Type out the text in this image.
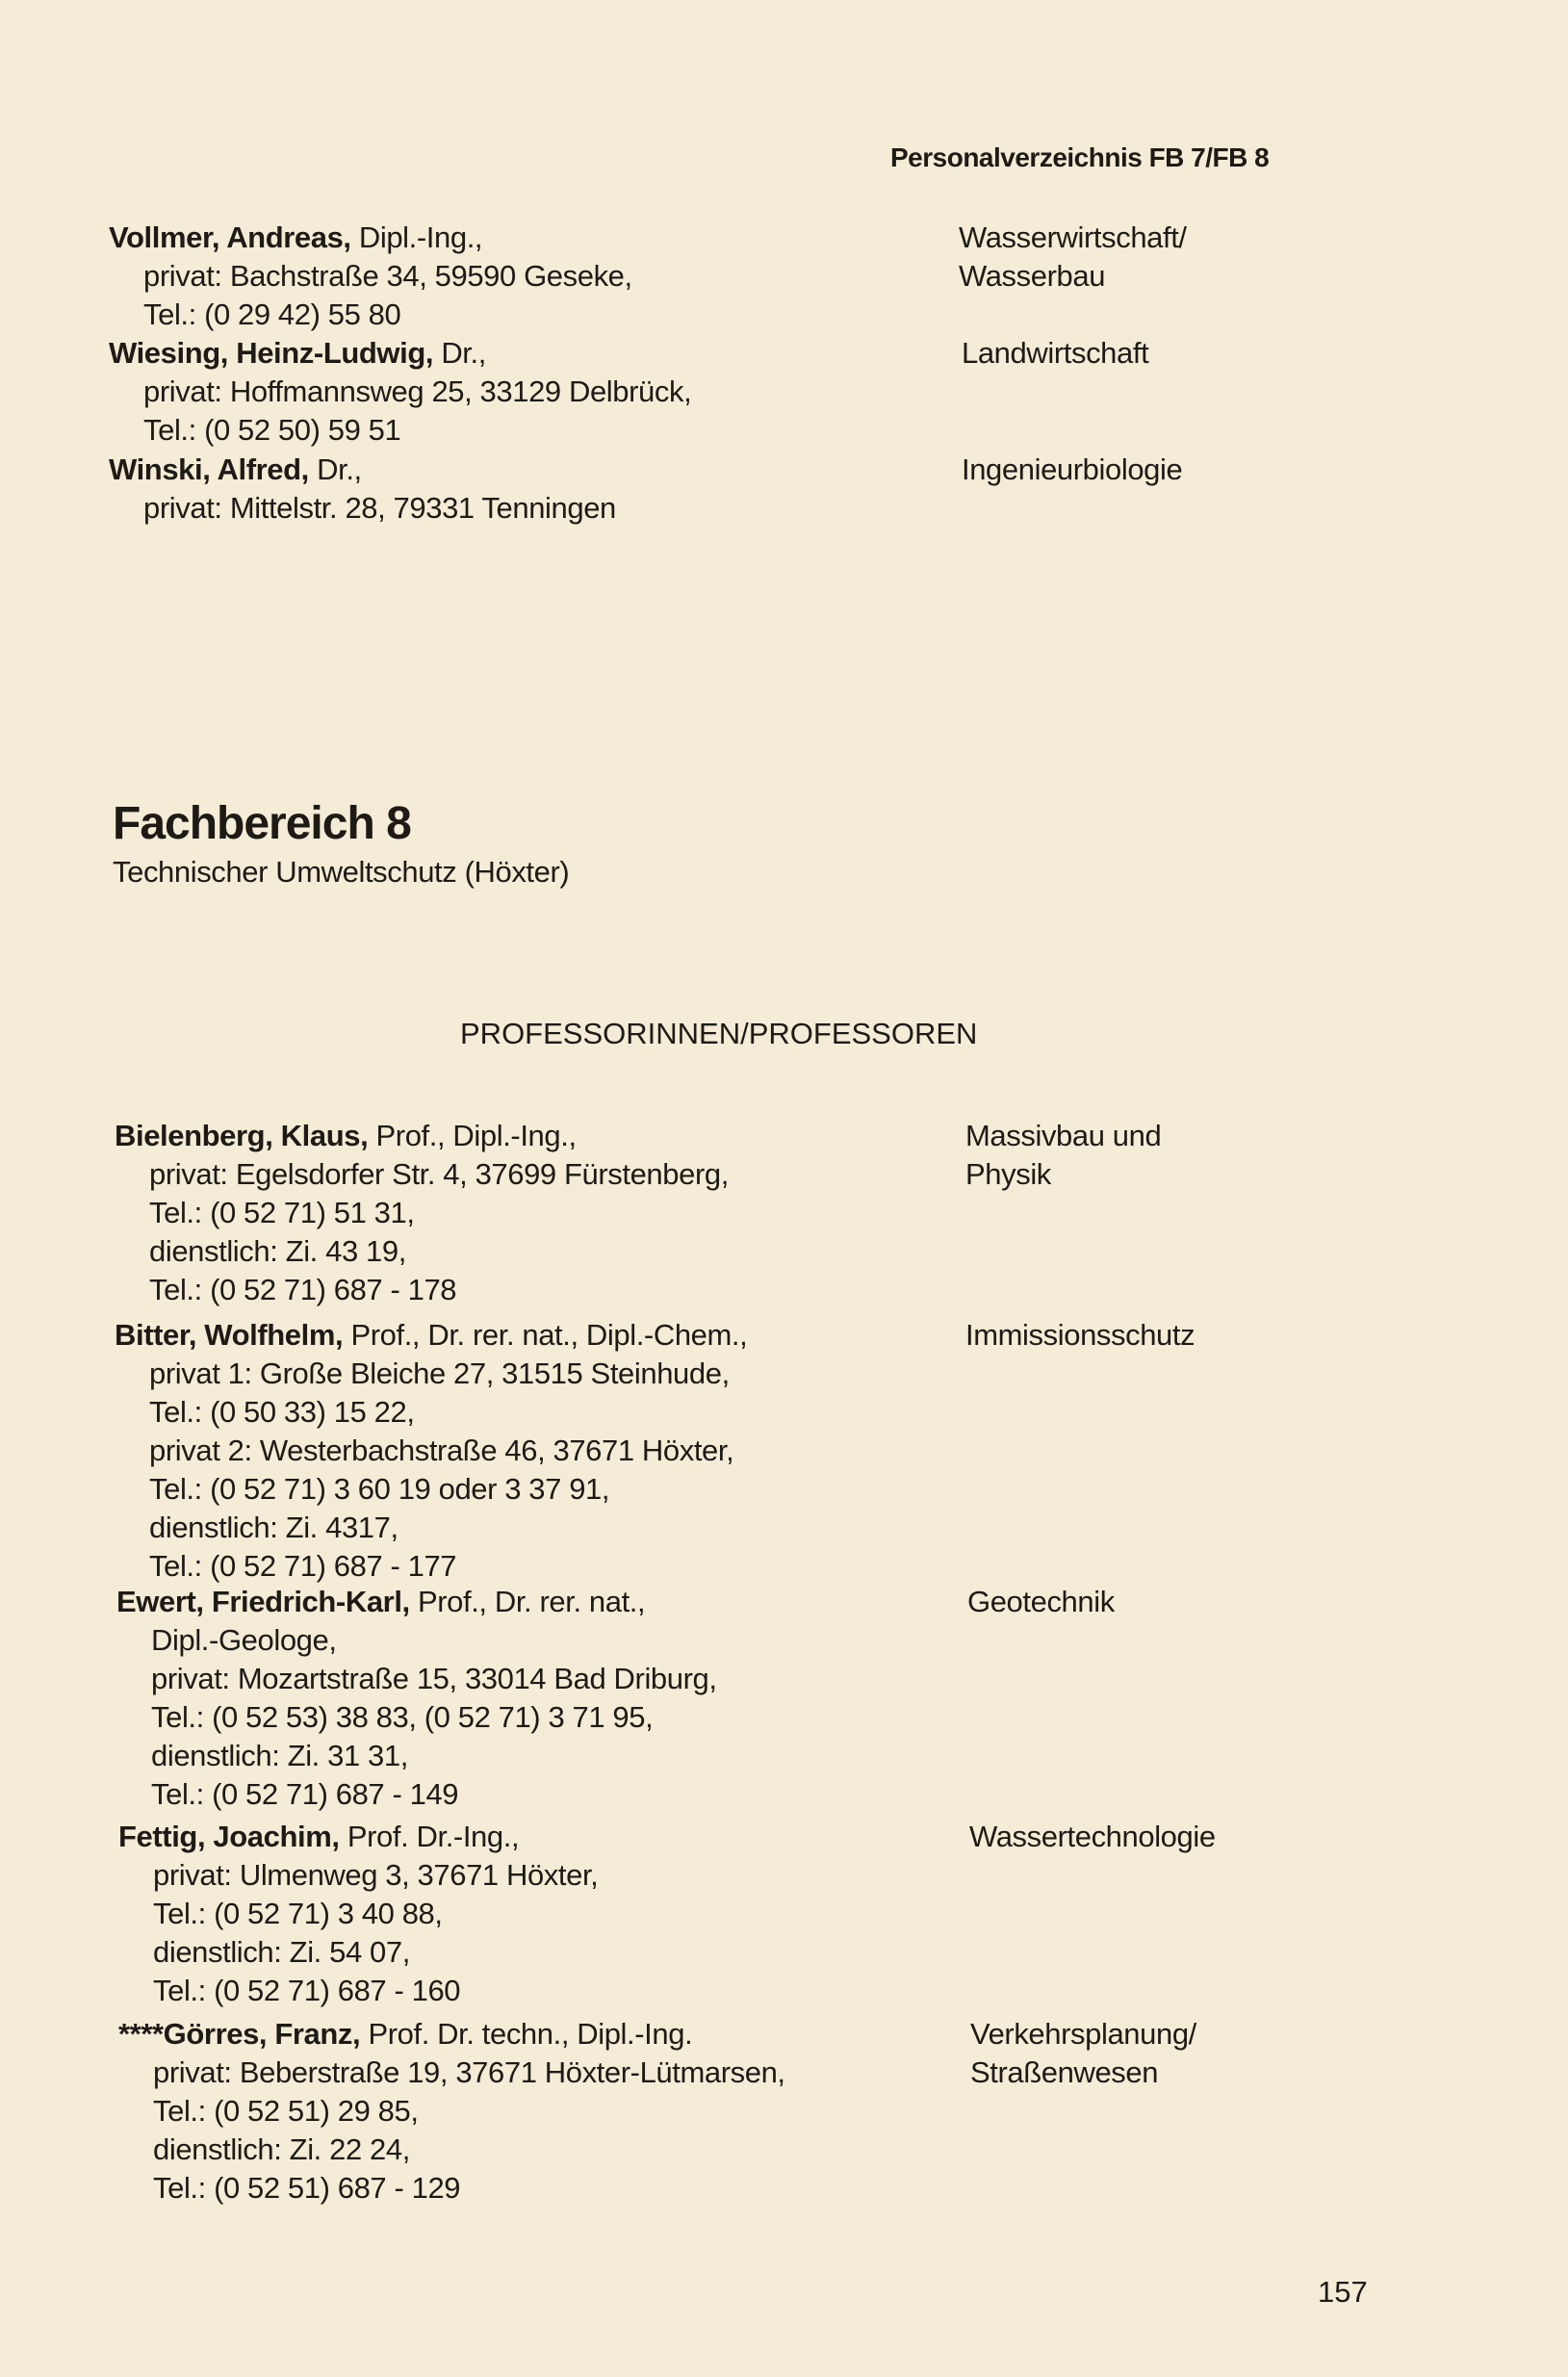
Personalverzeichnis FB 7/FB 8
Vollmer, Andreas, Dipl.-Ing.,
privat: Bachstraße 34, 59590 Geseke,
Tel.: (0 29 42) 55 80
Wasserwirtschaft/
Wasserbau
Wiesing, Heinz-Ludwig, Dr.,
privat: Hoffmannsweg 25, 33129 Delbrück,
Tel.: (0 52 50) 59 51
Landwirtschaft
Winski, Alfred, Dr.,
privat: Mittelstr. 28, 79331 Tenningen
Ingenieurbiologie
Fachbereich 8
Technischer Umweltschutz (Höxter)
PROFESSORINNEN/PROFESSOREN
Bielenberg, Klaus, Prof., Dipl.-Ing.,
privat: Egelsdorfer Str. 4, 37699 Fürstenberg,
Tel.: (0 52 71) 51 31,
dienstlich: Zi. 43 19,
Tel.: (0 52 71) 687 - 178
Massivbau und
Physik
Bitter, Wolfhelm, Prof., Dr. rer. nat., Dipl.-Chem.,
privat 1: Große Bleiche 27, 31515 Steinhude,
Tel.: (0 50 33) 15 22,
privat 2: Westerbachstraße 46, 37671 Höxter,
Tel.: (0 52 71) 3 60 19 oder 3 37 91,
dienstlich: Zi. 4317,
Tel.: (0 52 71) 687 - 177
Immissionsschutz
Ewert, Friedrich-Karl, Prof., Dr. rer. nat.,
Dipl.-Geologe,
privat: Mozartstraße 15, 33014 Bad Driburg,
Tel.: (0 52 53) 38 83, (0 52 71) 3 71 95,
dienstlich: Zi. 31 31,
Tel.: (0 52 71) 687 - 149
Geotechnik
Fettig, Joachim, Prof. Dr.-Ing.,
privat: Ulmenweg 3, 37671 Höxter,
Tel.: (0 52 71) 3 40 88,
dienstlich: Zi. 54 07,
Tel.: (0 52 71) 687 - 160
Wassertechnologie
****Görres, Franz, Prof. Dr. techn., Dipl.-Ing.
privat: Beberstraße 19, 37671 Höxter-Lütmarsen,
Tel.: (0 52 51) 29 85,
dienstlich: Zi. 22 24,
Tel.: (0 52 51) 687 - 129
Verkehrsplanung/
Straßenwesen
157
